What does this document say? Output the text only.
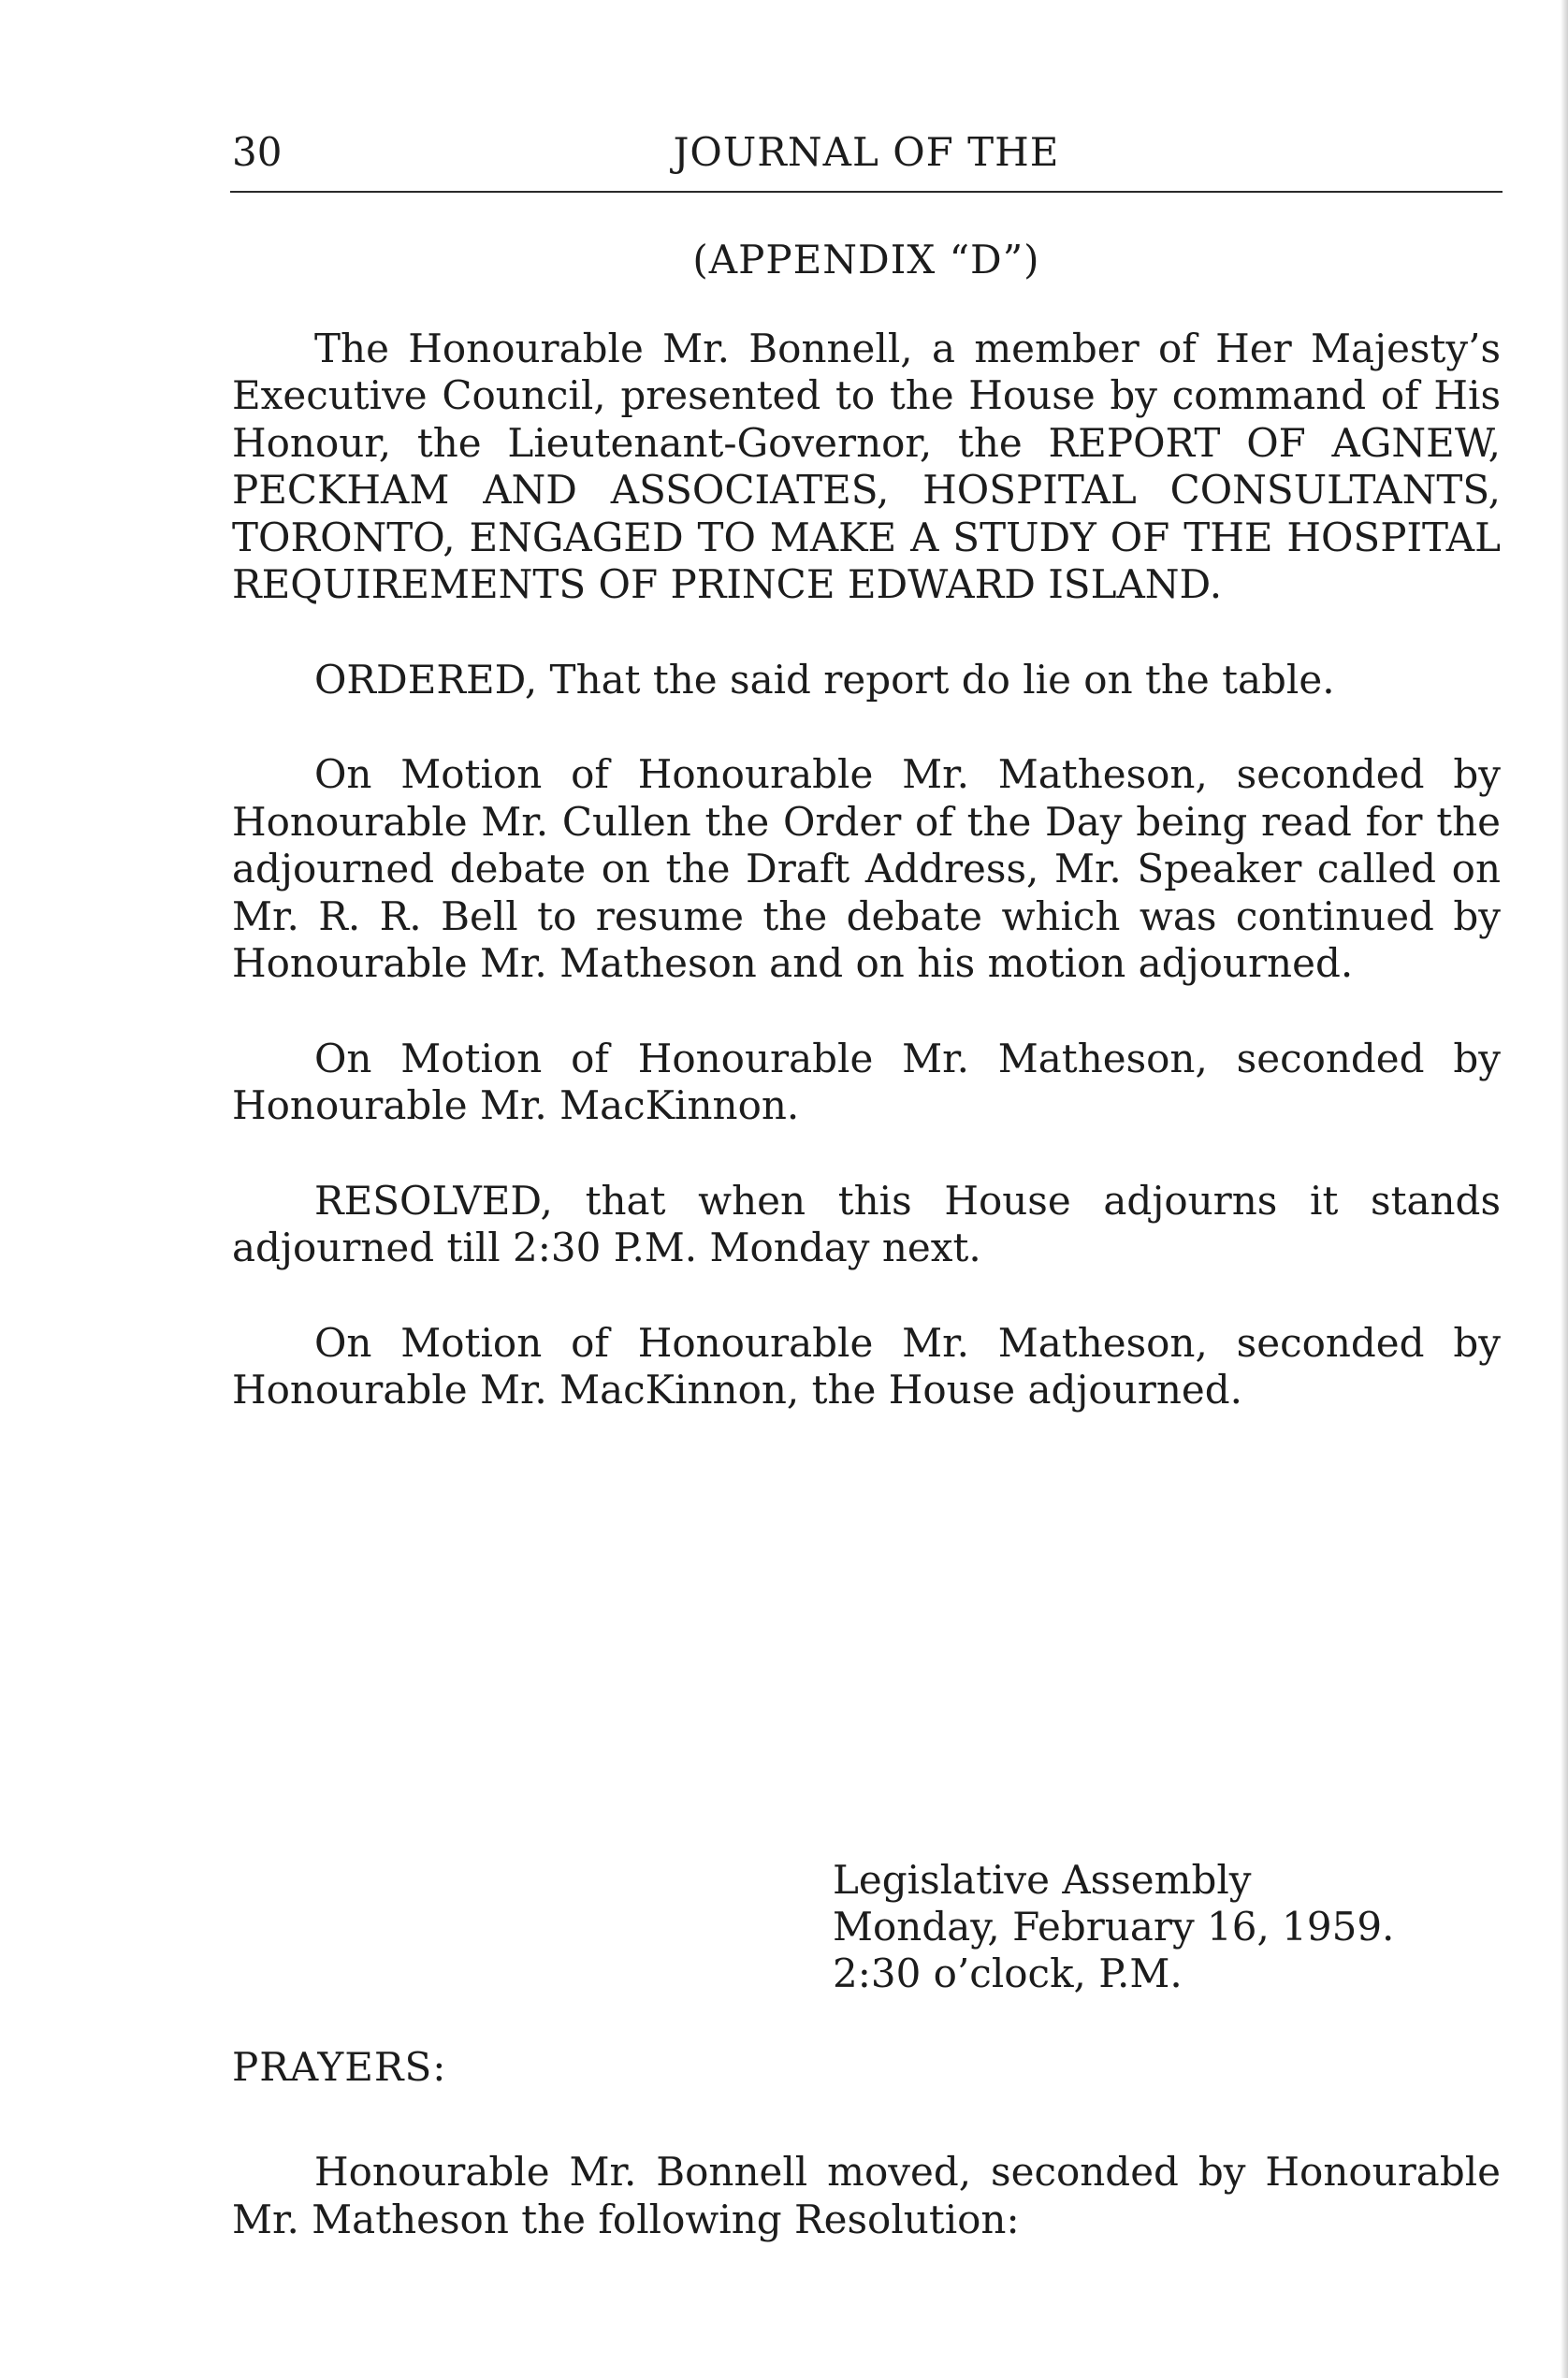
30	JOURNAL OF THE
(APPENDIX “D”)

The Honourable Mr. Bonnell, a member of Her Majesty’s Executive Council, presented to the House by command of His Honour, the Lieutenant-Governor, the REPORT OF AGNEW, PECKHAM AND ASSOCIATES, HOSPITAL CONSULTANTS, TORONTO, ENGAGED TO MAKE A STUDY OF THE HOSPITAL REQUIREMENTS OF PRINCE EDWARD ISLAND.

ORDERED, That the said report do lie on the table.

On Motion of Honourable Mr. Matheson, seconded by Honourable Mr. Cullen the Order of the Day being read for the adjourned debate on the Draft Address, Mr. Speaker called on Mr. R. R. Bell to resume the debate which was continued by Honourable Mr. Matheson and on his motion adjourned.

On Motion of Honourable Mr. Matheson, seconded by Honourable Mr. MacKinnon.

RESOLVED, that when this House adjourns it stands adjourned till 2:30 P.M. Monday next.

On Motion of Honourable Mr. Matheson, seconded by Honourable Mr. MacKinnon, the House adjourned.

Legislative Assembly
Monday, February 16, 1959.
2:30 o’clock, P.M.
PRAYERS:

Honourable Mr. Bonnell moved, seconded by Honourable Mr. Matheson the following Resolution:
